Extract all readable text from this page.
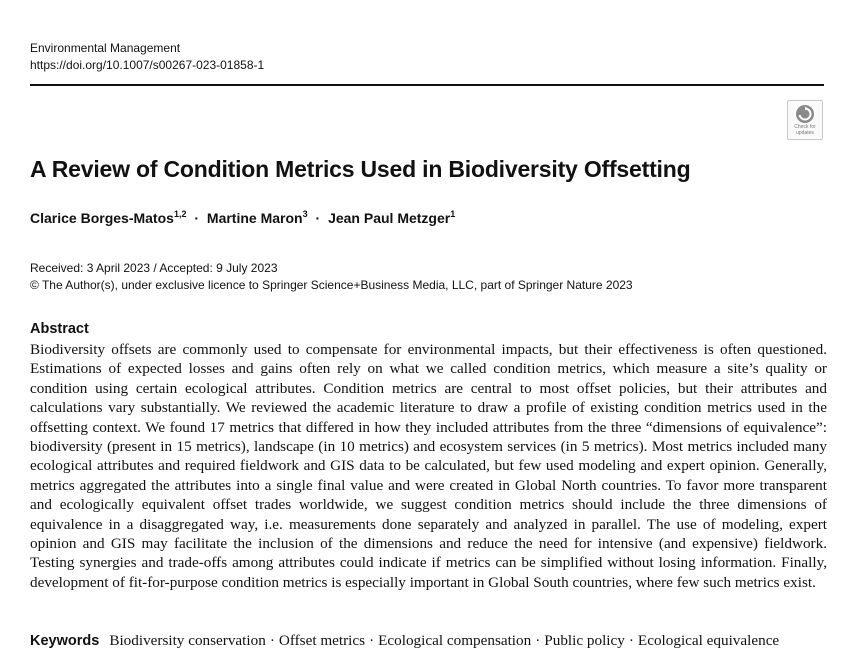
Environmental Management
https://doi.org/10.1007/s00267-023-01858-1
Check for
updates
A Review of Condition Metrics Used in Biodiversity Offsetting
Clarice Borges-Matos$^{1,2}$ · Martine Maron$^3$ · Jean Paul Metzger$^1$
Received: 3 April 2023 / Accepted: 9 July 2023
© The Author(s), under exclusive licence to Springer Science+Business Media, LLC, part of Springer Nature 2023
Abstract

Biodiversity offsets are commonly used to compensate for environmental impacts, but their effectiveness is often questioned. Estimations of expected losses and gains often rely on what we called condition metrics, which measure a site’s quality or condition using certain ecological attributes. Condition metrics are central to most offset policies, but their attributes and calculations vary substantially. We reviewed the academic literature to draw a profile of existing condition metrics used in the offsetting context. We found 17 metrics that differed in how they included attributes from the three “dimensions of equivalence”: biodiversity (present in 15 metrics), landscape (in 10 metrics) and ecosystem services (in 5 metrics). Most metrics included many ecological attributes and required fieldwork and GIS data to be calculated, but few used modeling and expert opinion. Generally, metrics aggregated the attributes into a single final value and were created in Global North countries. To favor more transparent and ecologically equivalent offset trades worldwide, we suggest condition metrics should include the three dimensions of equivalence in a disaggregated way, i.e. measurements done separately and analyzed in parallel. The use of modeling, expert opinion and GIS may facilitate the inclusion of the dimensions and reduce the need for intensive (and expensive) fieldwork. Testing synergies and trade-offs among attributes could indicate if metrics can be simplified without losing information. Finally, development of fit-for-purpose condition metrics is especially important in Global South countries, where few such metrics exist.

Keywords Biodiversity conservation · Offset metrics · Ecological compensation · Public policy · Ecological equivalence
